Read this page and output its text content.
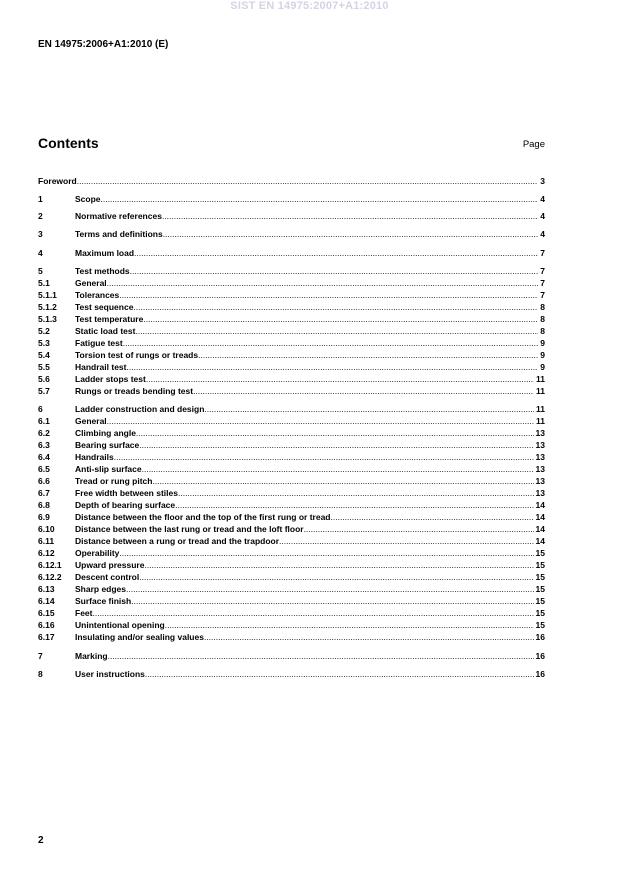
SIST EN 14975:2007+A1:2010
EN 14975:2006+A1:2010 (E)
Contents	Page
Foreword .....	3
1	Scope .....	4
2	Normative references .....	4
3	Terms and definitions .....	4
4	Maximum load .....	7
5	Test methods .....	7
5.1	General .....	7
5.1.1	Tolerances .....	7
5.1.2	Test sequence .....	8
5.1.3	Test temperature .....	8
5.2	Static load test .....	8
5.3	Fatigue test .....	9
5.4	Torsion test of rungs or treads .....	9
5.5	Handrail test .....	9
5.6	Ladder stops test .....	11
5.7	Rungs or treads bending test .....	11
6	Ladder construction and design .....	11
6.1	General .....	11
6.2	Climbing angle .....	13
6.3	Bearing surface .....	13
6.4	Handrails .....	13
6.5	Anti-slip surface .....	13
6.6	Tread or rung pitch .....	13
6.7	Free width between stiles .....	13
6.8	Depth of bearing surface .....	14
6.9	Distance between the floor and the top of the first rung or tread .....	14
6.10	Distance between the last rung or tread and the loft floor .....	14
6.11	Distance between a rung or tread and the trapdoor .....	14
6.12	Operability .....	15
6.12.1	Upward pressure .....	15
6.12.2	Descent control .....	15
6.13	Sharp edges .....	15
6.14	Surface finish .....	15
6.15	Feet .....	15
6.16	Unintentional opening .....	15
6.17	Insulating and/or sealing values .....	16
7	Marking .....	16
8	User instructions .....	16
2
